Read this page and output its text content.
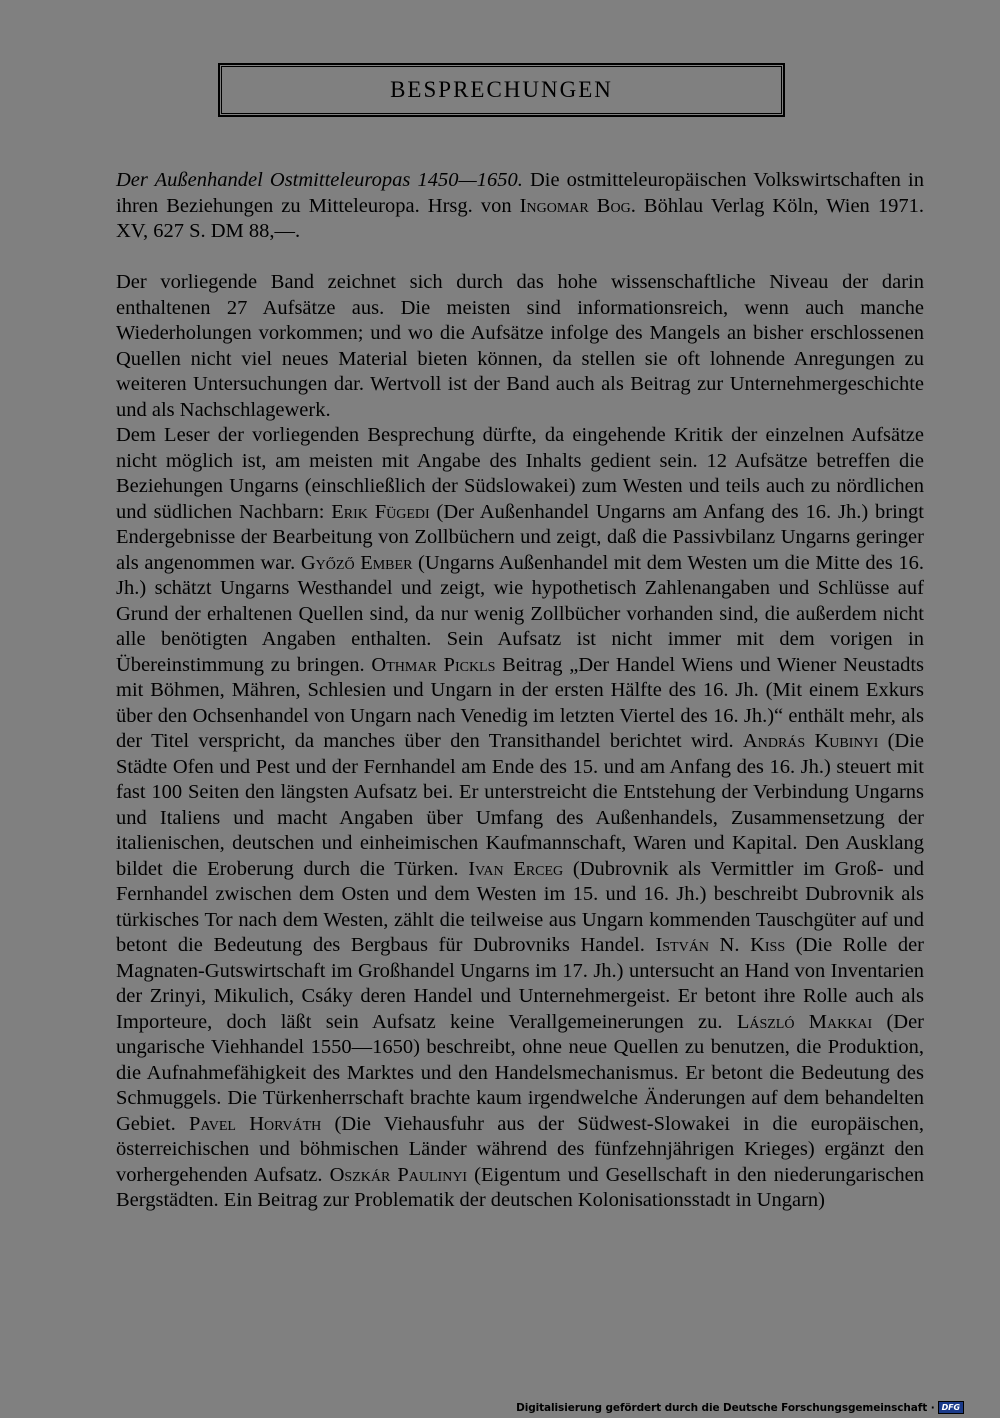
BESPRECHUNGEN
Der Außenhandel Ostmitteleuropas 1450—1650. Die ostmitteleuropäischen Volkswirtschaften in ihren Beziehungen zu Mitteleuropa. Hrsg. von Ingomar Bog. Böhlau Verlag Köln, Wien 1971. XV, 627 S. DM 88,—.

Der vorliegende Band zeichnet sich durch das hohe wissenschaftliche Niveau der darin enthaltenen 27 Aufsätze aus. Die meisten sind informationsreich, wenn auch manche Wiederholungen vorkommen; und wo die Aufsätze infolge des Mangels an bisher erschlossenen Quellen nicht viel neues Material bieten können, da stellen sie oft lohnende Anregungen zu weiteren Untersuchungen dar. Wertvoll ist der Band auch als Beitrag zur Unternehmergeschichte und als Nachschlagewerk.

Dem Leser der vorliegenden Besprechung dürfte, da eingehende Kritik der einzelnen Aufsätze nicht möglich ist, am meisten mit Angabe des Inhalts gedient sein. 12 Aufsätze betreffen die Beziehungen Ungarns (einschließlich der Südslowakei) zum Westen und teils auch zu nördlichen und südlichen Nachbarn: Erik Fügedi (Der Außenhandel Ungarns am Anfang des 16. Jh.) bringt Endergebnisse der Bearbeitung von Zollbüchern und zeigt, daß die Passivbilanz Ungarns geringer als angenommen war. Győző Ember (Ungarns Außenhandel mit dem Westen um die Mitte des 16. Jh.) schätzt Ungarns Westhandel und zeigt, wie hypothetisch Zahlenangaben und Schlüsse auf Grund der erhaltenen Quellen sind, da nur wenig Zollbücher vorhanden sind, die außerdem nicht alle benötigten Angaben enthalten. Sein Aufsatz ist nicht immer mit dem vorigen in Übereinstimmung zu bringen. Othmar Pickls Beitrag „Der Handel Wiens und Wiener Neustadts mit Böhmen, Mähren, Schlesien und Ungarn in der ersten Hälfte des 16. Jh. (Mit einem Exkurs über den Ochsenhandel von Ungarn nach Venedig im letzten Viertel des 16. Jh.)“ enthält mehr, als der Titel verspricht, da manches über den Transithandel berichtet wird. András Kubinyi (Die Städte Ofen und Pest und der Fernhandel am Ende des 15. und am Anfang des 16. Jh.) steuert mit fast 100 Seiten den längsten Aufsatz bei. Er unterstreicht die Entstehung der Verbindung Ungarns und Italiens und macht Angaben über Umfang des Außenhandels, Zusammensetzung der italienischen, deutschen und einheimischen Kaufmannschaft, Waren und Kapital. Den Ausklang bildet die Eroberung durch die Türken. Ivan Erceg (Dubrovnik als Vermittler im Groß- und Fernhandel zwischen dem Osten und dem Westen im 15. und 16. Jh.) beschreibt Dubrovnik als türkisches Tor nach dem Westen, zählt die teilweise aus Ungarn kommenden Tauschgüter auf und betont die Bedeutung des Bergbaus für Dubrovniks Handel. István N. Kiss (Die Rolle der Magnaten-Gutswirtschaft im Großhandel Ungarns im 17. Jh.) untersucht an Hand von Inventarien der Zrinyi, Mikulich, Csáky deren Handel und Unternehmergeist. Er betont ihre Rolle auch als Importeure, doch läßt sein Aufsatz keine Verallgemeinerungen zu. László Makkai (Der ungarische Viehhandel 1550—1650) beschreibt, ohne neue Quellen zu benutzen, die Produktion, die Aufnahmefähigkeit des Marktes und den Handelsmechanismus. Er betont die Bedeutung des Schmuggels. Die Türkenherrschaft brachte kaum irgendwelche Änderungen auf dem behandelten Gebiet. Pavel Horváth (Die Viehausfuhr aus der Südwest-Slowakei in die europäischen, österreichischen und böhmischen Länder während des fünfzehnjährigen Krieges) ergänzt den vorhergehenden Aufsatz. Oszkár Paulinyi (Eigentum und Gesellschaft in den niederungarischen Bergstädten. Ein Beitrag zur Problematik der deutschen Kolonisationsstadt in Ungarn)

Digitalisierung gefördert durch die Deutsche Forschungsgemeinschaft · DFG
